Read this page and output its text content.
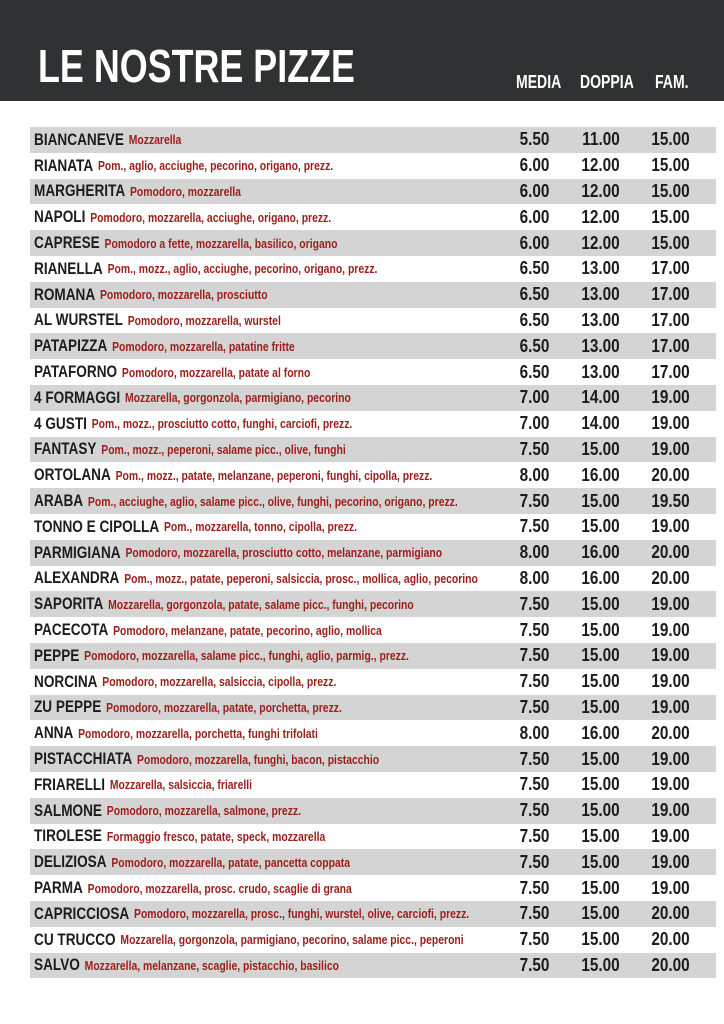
LE NOSTRE PIZZE	MEDIA DOPPIA FAM.
BIANCANEVE Mozzarella	5.50 11.00 15.00
RIANATA Pom., aglio, acciughe, pecorino, origano, prezz.	6.00 12.00 15.00
MARGHERITA Pomodoro, mozzarella	6.00 12.00 15.00
NAPOLI Pomodoro, mozzarella, acciughe, origano, prezz.	6.00 12.00 15.00
CAPRESE Pomodoro a fette, mozzarella, basilico, origano	6.00 12.00 15.00
RIANELLA Pom., mozz., aglio, acciughe, pecorino, origano, prezz.	6.50 13.00 17.00
ROMANA Pomodoro, mozzarella, prosciutto	6.50 13.00 17.00
AL WURSTEL Pomodoro, mozzarella, wurstel	6.50 13.00 17.00
PATAPIZZA Pomodoro, mozzarella, patatine fritte	6.50 13.00 17.00
PATAFORNO Pomodoro, mozzarella, patate al forno	6.50 13.00 17.00
4 FORMAGGI Mozzarella, gorgonzola, parmigiano, pecorino	7.00 14.00 19.00
4 GUSTI Pom., mozz., prosciutto cotto, funghi, carciofi, prezz.	7.00 14.00 19.00
FANTASY Pom., mozz., peperoni, salame picc., olive, funghi	7.50 15.00 19.00
ORTOLANA Pom., mozz., patate, melanzane, peperoni, funghi, cipolla, prezz.	8.00 16.00 20.00
ARABA Pom., acciughe, aglio, salame picc., olive, funghi, pecorino, origano, prezz.	7.50 15.00 19.50
TONNO E CIPOLLA Pom., mozzarella, tonno, cipolla, prezz.	7.50 15.00 19.00
PARMIGIANA Pomodoro, mozzarella, prosciutto cotto, melanzane, parmigiano	8.00 16.00 20.00
ALEXANDRA Pom., mozz., patate, peperoni, salsiccia, prosc., mollica, aglio, pecorino 8.00 16.00 20.00
SAPORITA Mozzarella, gorgonzola, patate, salame picc., funghi, pecorino	7.50 15.00 19.00
PACECOTA Pomodoro, melanzane, patate, pecorino, aglio, mollica	7.50 15.00 19.00
PEPPE Pomodoro, mozzarella, salame picc., funghi, aglio, parmig., prezz.	7.50 15.00 19.00
NORCINA Pomodoro, mozzarella, salsiccia, cipolla, prezz.	7.50 15.00 19.00
ZU PEPPE Pomodoro, mozzarella, patate, porchetta, prezz.	7.50 15.00 19.00
ANNA Pomodoro, mozzarella, porchetta, funghi trifolati	8.00 16.00 20.00
PISTACCHIATA Pomodoro, mozzarella, funghi, bacon, pistacchio	7.50 15.00 19.00
FRIARELLI Mozzarella, salsiccia, friarelli	7.50 15.00 19.00
SALMONE Pomodoro, mozzarella, salmone, prezz.	7.50 15.00 19.00
TIROLESE Formaggio fresco, patate, speck, mozzarella	7.50 15.00 19.00
DELIZIOSA Pomodoro, mozzarella, patate, pancetta coppata	7.50 15.00 19.00
PARMA Pomodoro, mozzarella, prosc. crudo, scaglie di grana	7.50 15.00 19.00
CAPRICCIOSA Pomodoro, mozzarella, prosc., funghi, wurstel, olive, carciofi, prezz.	7.50 15.00 20.00
CU TRUCCO Mozzarella, gorgonzola, parmigiano, pecorino, salame picc., peperoni	7.50 15.00 20.00
SALVO Mozzarella, melanzane, scaglie, pistacchio, basilico	7.50 15.00 20.00
